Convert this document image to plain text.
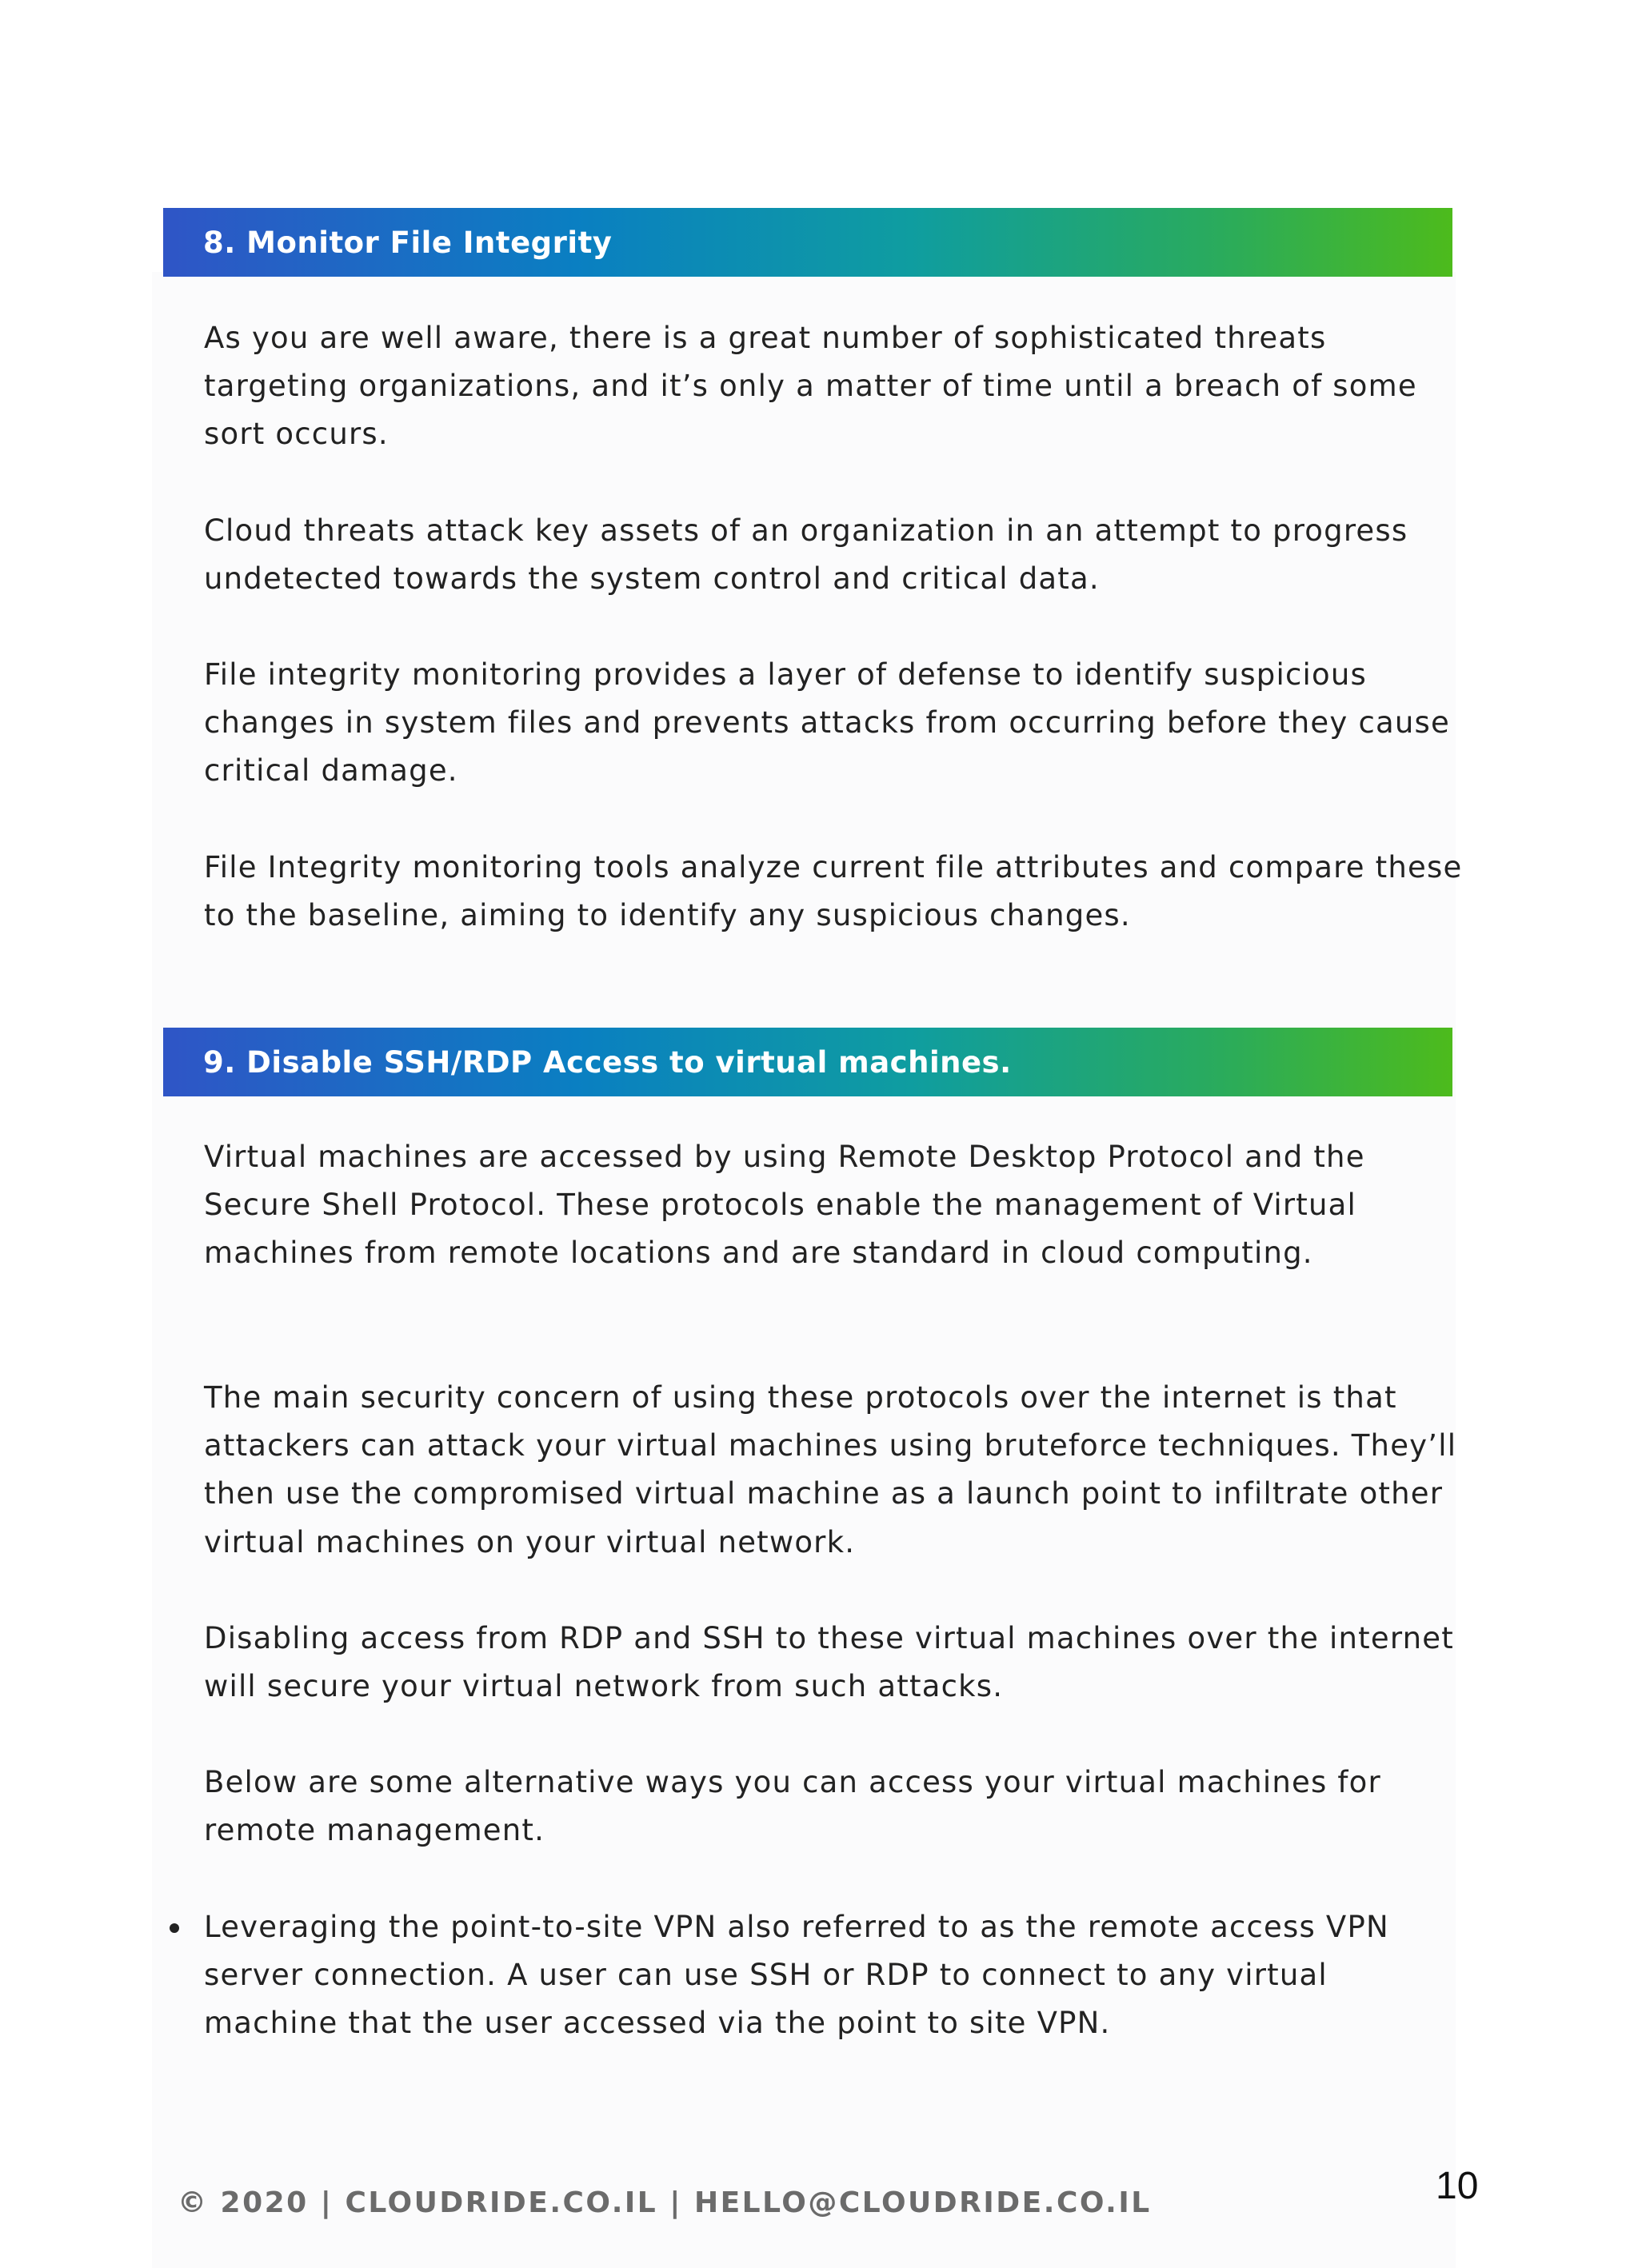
8. Monitor File Integrity

As you are well aware, there is a great number of sophisticated threats targeting organizations, and it’s only a matter of time until a breach of some sort occurs.

Cloud threats attack key assets of an organization in an attempt to progress undetected towards the system control and critical data.

File integrity monitoring provides a layer of defense to identify suspicious changes in system files and prevents attacks from occurring before they cause critical damage.

File Integrity monitoring tools analyze current file attributes and compare these to the baseline, aiming to identify any suspicious changes.

9. Disable SSH/RDP Access to virtual machines.

Virtual machines are accessed by using Remote Desktop Protocol and the Secure Shell Protocol. These protocols enable the management of Virtual machines from remote locations and are standard in cloud computing.

The main security concern of using these protocols over the internet is that attackers can attack your virtual machines using bruteforce techniques. They’ll then use the compromised virtual machine as a launch point to infiltrate other virtual machines on your virtual network.

Disabling access from RDP and SSH to these virtual machines over the internet will secure your virtual network from such attacks.

Below are some alternative ways you can access your virtual machines for remote management.

Leveraging the point-to-site VPN also referred to as the remote access VPN server connection. A user can use SSH or RDP to connect to any virtual machine that the user accessed via the point to site VPN.

© 2020 | CLOUDRIDE.CO.IL | HELLO@CLOUDRIDE.CO.IL	10
